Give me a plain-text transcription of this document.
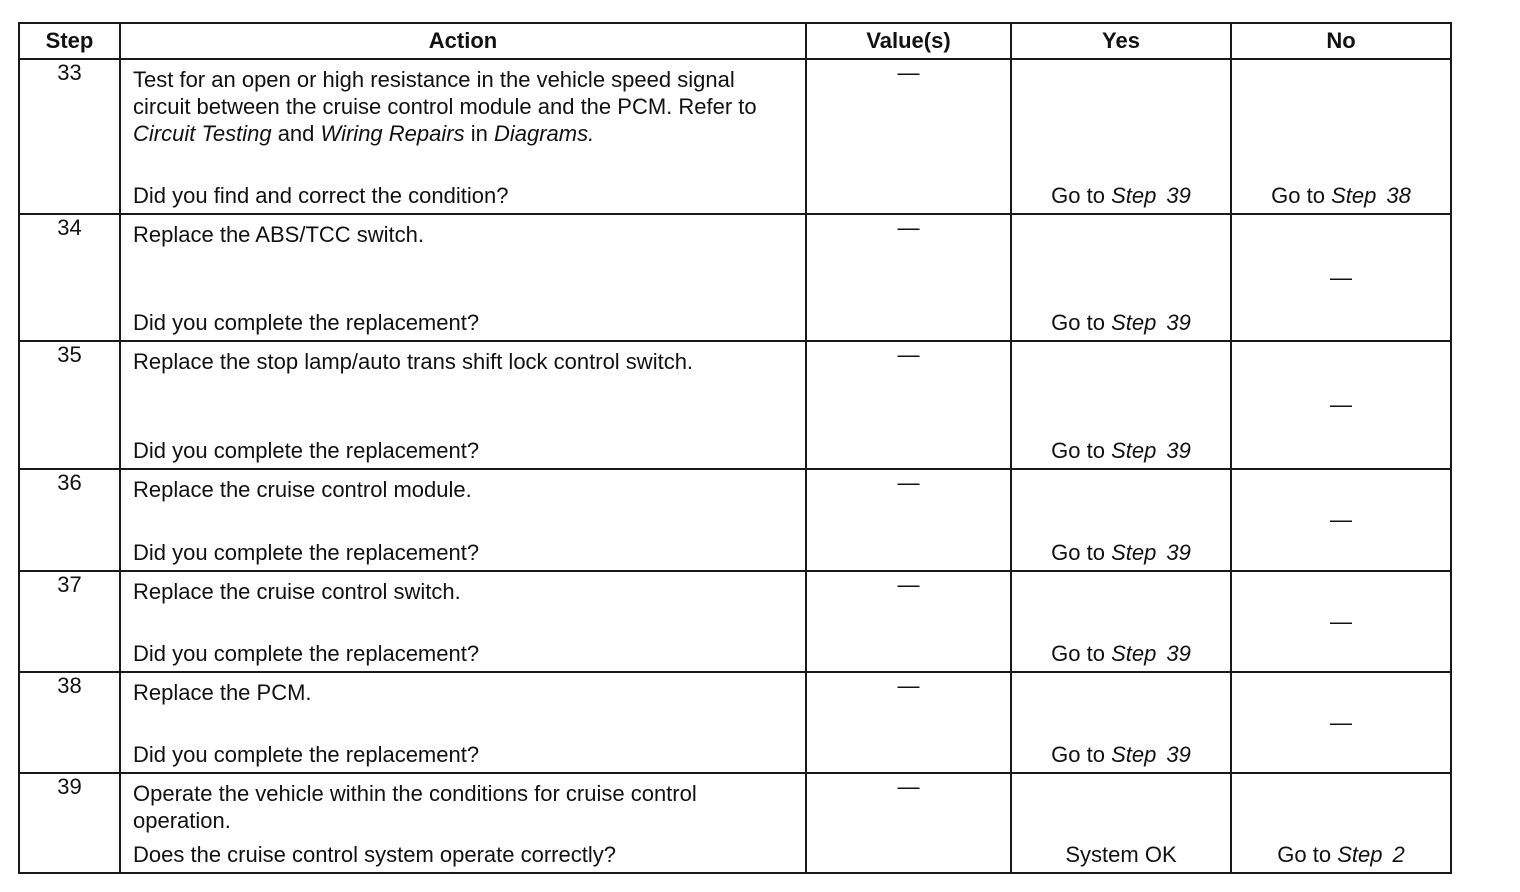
Step	Action	Value(s)	Yes	No
33	Test for an open or high resistance in the vehicle speed signal circuit between the cruise control module and the PCM. Refer to Circuit Testing and Wiring Repairs in Diagrams.
Did you find and correct the condition?	—	Go to Step 39	Go to Step 38

34	Replace the ABS/TCC switch.
Did you complete the replacement?	—	Go to Step 39	—

35	Replace the stop lamp/auto trans shift lock control switch.
Did you complete the replacement?	—	Go to Step 39	—

36	Replace the cruise control module.
Did you complete the replacement?	—	Go to Step 39	—

37	Replace the cruise control switch.
Did you complete the replacement?	—	Go to Step 39	—

38	Replace the PCM.
Did you complete the replacement?	—	Go to Step 39	—

39	Operate the vehicle within the conditions for cruise control operation.
Does the cruise control system operate correctly?	—	System OK	Go to Step 2
